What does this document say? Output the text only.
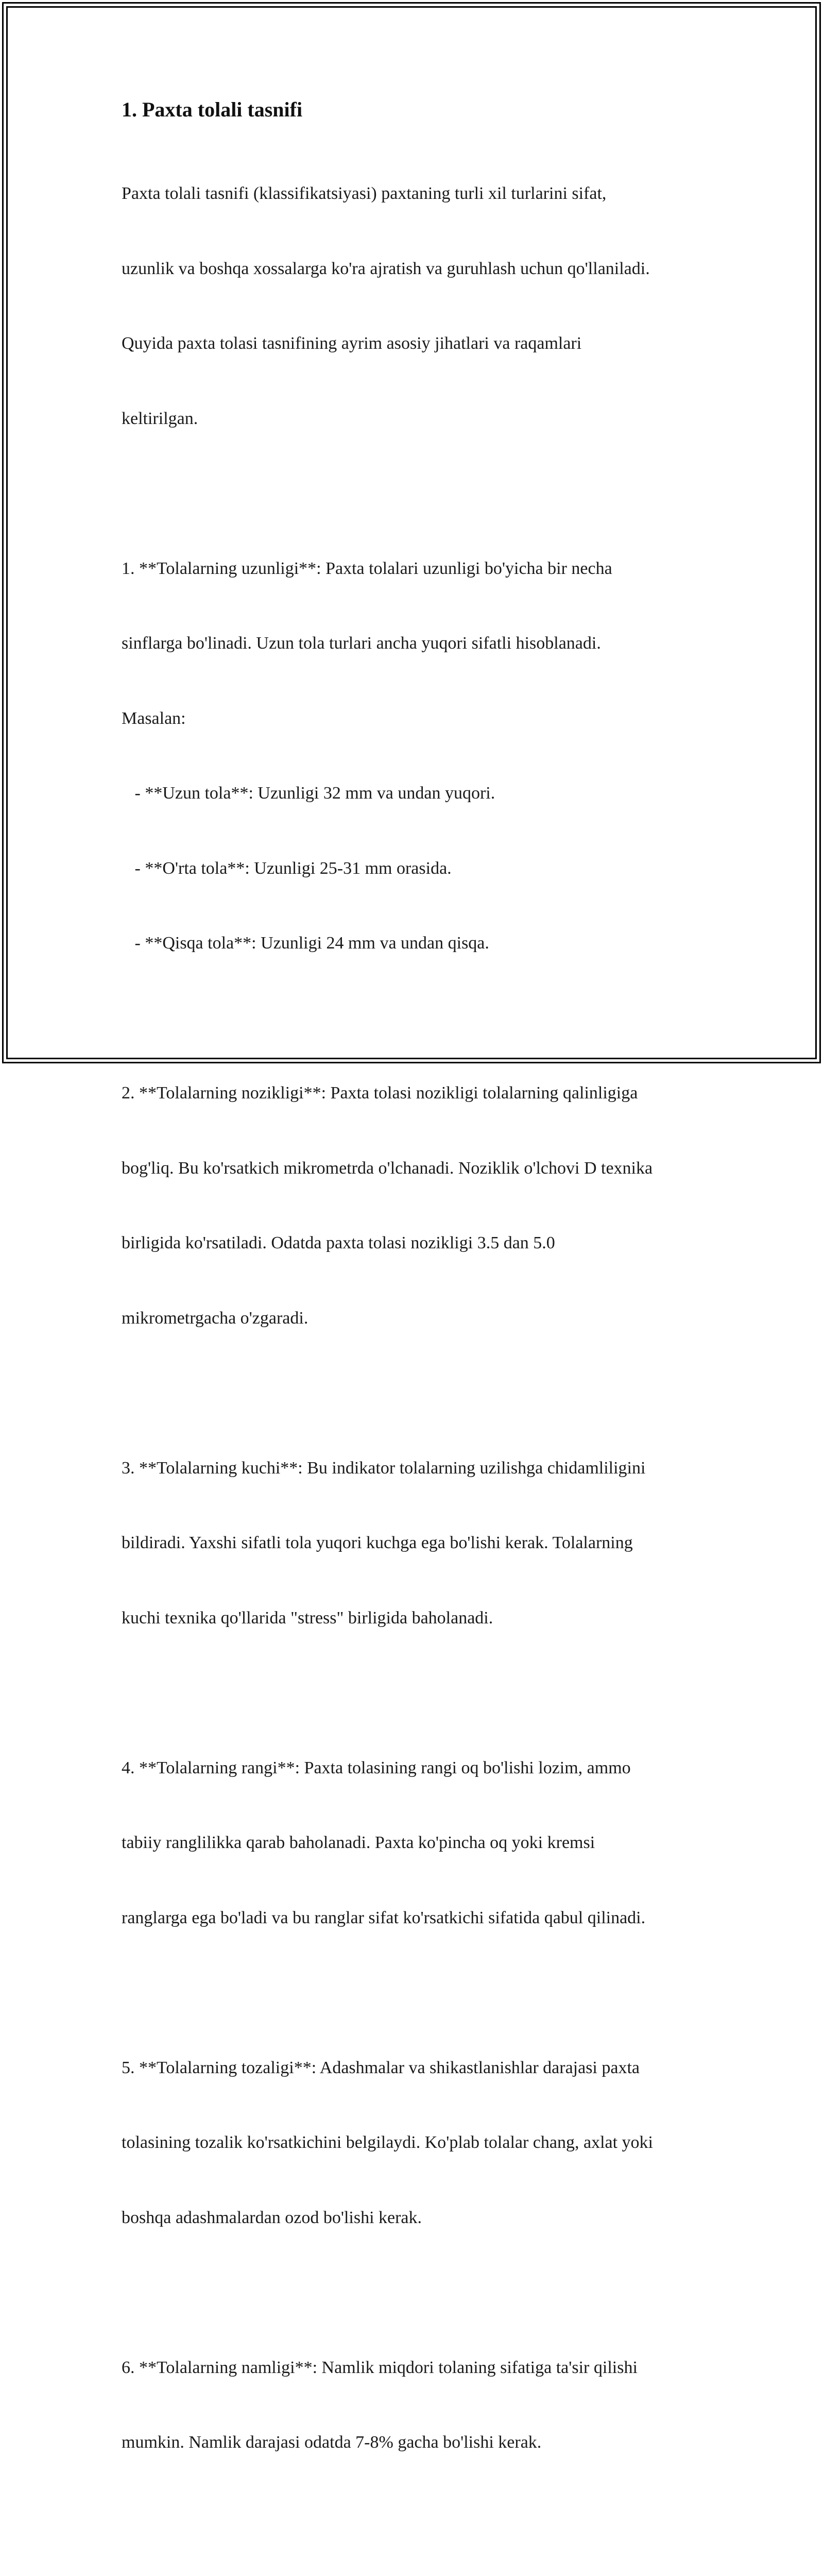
1. Paxta tolali tasnifi

Paxta tolali tasnifi (klassifikatsiyasi) paxtaning turli xil turlarini sifat,

uzunlik va boshqa xossalarga ko'ra ajratish va guruhlash uchun qo'llaniladi.

Quyida paxta tolasi tasnifining ayrim asosiy jihatlari va raqamlari

keltirilgan.

1. **Tolalarning uzunligi**: Paxta tolalari uzunligi bo'yicha bir necha

sinflarga bo'linadi. Uzun tola turlari ancha yuqori sifatli hisoblanadi.

Masalan:

- **Uzun tola**: Uzunligi 32 mm va undan yuqori.

- **O'rta tola**: Uzunligi 25-31 mm orasida.

- **Qisqa tola**: Uzunligi 24 mm va undan qisqa.

2. **Tolalarning nozikligi**: Paxta tolasi nozikligi tolalarning qalinligiga

bog'liq. Bu ko'rsatkich mikrometrda o'lchanadi. Noziklik o'lchovi D texnika

birligida ko'rsatiladi. Odatda paxta tolasi nozikligi 3.5 dan 5.0

mikrometrgacha o'zgaradi.

3. **Tolalarning kuchi**: Bu indikator tolalarning uzilishga chidamliligini

bildiradi. Yaxshi sifatli tola yuqori kuchga ega bo'lishi kerak. Tolalarning

kuchi texnika qo'llarida "stress" birligida baholanadi.

4. **Tolalarning rangi**: Paxta tolasining rangi oq bo'lishi lozim, ammo

tabiiy ranglilikka qarab baholanadi. Paxta ko'pincha oq yoki kremsi

ranglarga ega bo'ladi va bu ranglar sifat ko'rsatkichi sifatida qabul qilinadi.

5. **Tolalarning tozaligi**: Adashmalar va shikastlanishlar darajasi paxta

tolasining tozalik ko'rsatkichini belgilaydi. Ko'plab tolalar chang, axlat yoki

boshqa adashmalardan ozod bo'lishi kerak.

6. **Tolalarning namligi**: Namlik miqdori tolaning sifatiga ta'sir qilishi

mumkin. Namlik darajasi odatda 7-8% gacha bo'lishi kerak.
